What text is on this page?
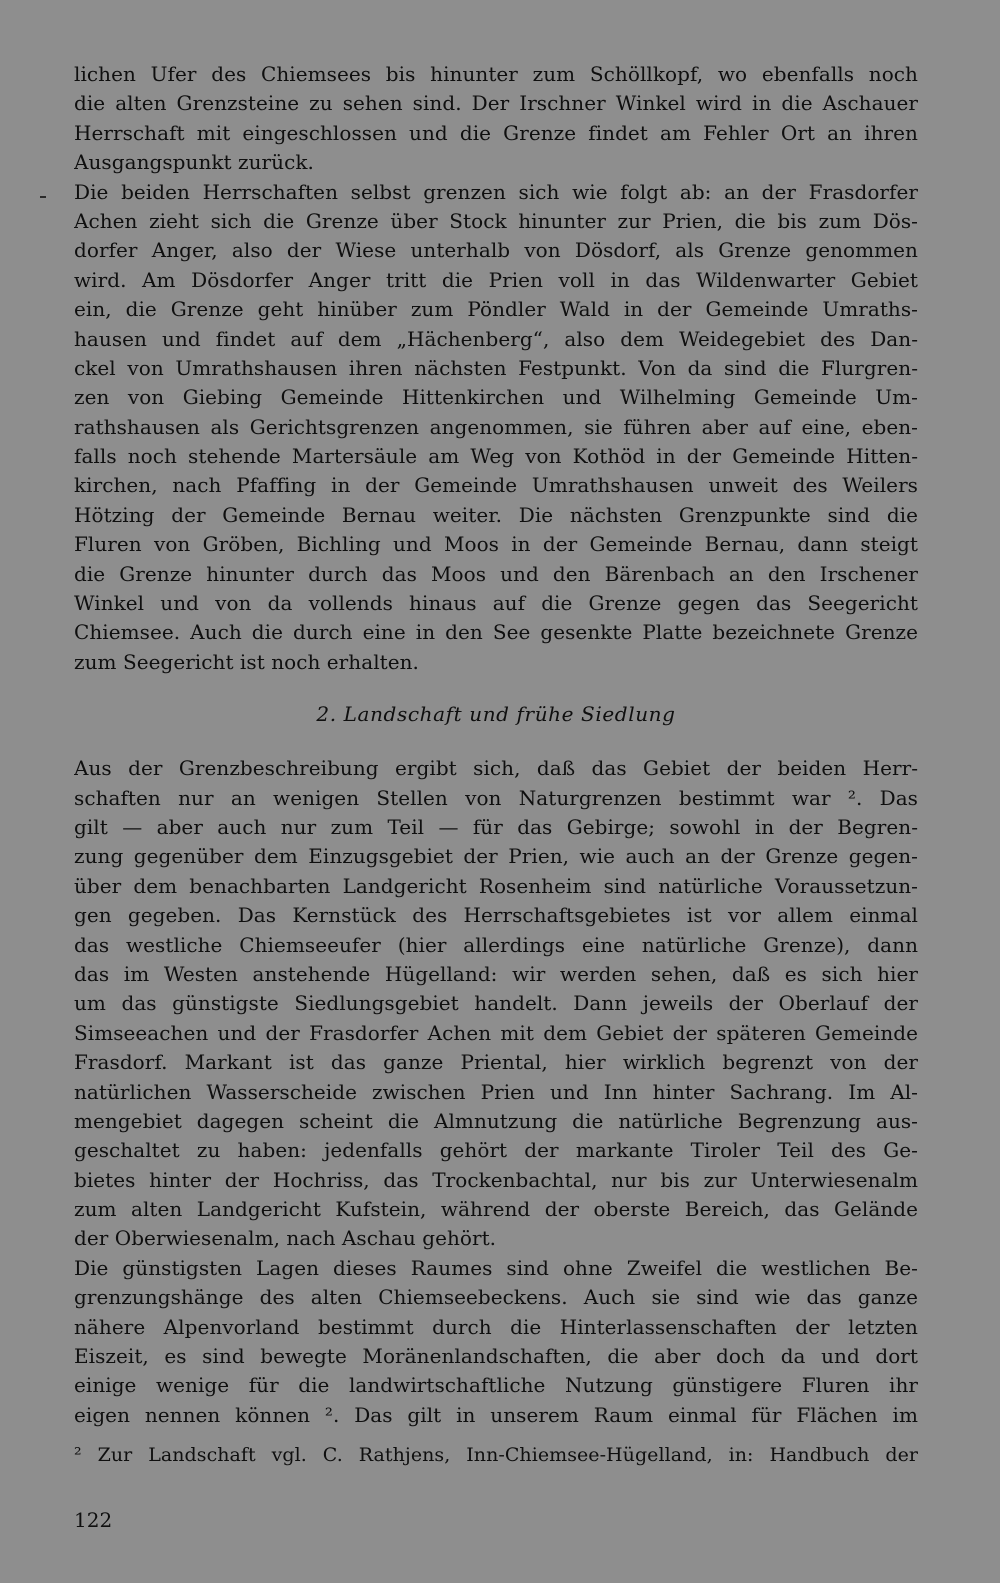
lichen Ufer des Chiemsees bis hinunter zum Schöllkopf, wo ebenfalls noch
die alten Grenzsteine zu sehen sind. Der Irschner Winkel wird in die Aschauer
Herrschaft mit eingeschlossen und die Grenze findet am Fehler Ort an ihren
Ausgangspunkt zurück.
Die beiden Herrschaften selbst grenzen sich wie folgt ab: an der Frasdorfer
Achen zieht sich die Grenze über Stock hinunter zur Prien, die bis zum Dös-
dorfer Anger, also der Wiese unterhalb von Dösdorf, als Grenze genommen
wird. Am Dösdorfer Anger tritt die Prien voll in das Wildenwarter Gebiet
ein, die Grenze geht hinüber zum Pöndler Wald in der Gemeinde Umraths-
hausen und findet auf dem „Hächenberg“, also dem Weidegebiet des Dan-
ckel von Umrathshausen ihren nächsten Festpunkt. Von da sind die Flurgren-
zen von Giebing Gemeinde Hittenkirchen und Wilhelming Gemeinde Um-
rathshausen als Gerichtsgrenzen angenommen, sie führen aber auf eine, eben-
falls noch stehende Martersäule am Weg von Kothöd in der Gemeinde Hitten-
kirchen, nach Pfaffing in der Gemeinde Umrathshausen unweit des Weilers
Hötzing der Gemeinde Bernau weiter. Die nächsten Grenzpunkte sind die
Fluren von Gröben, Bichling und Moos in der Gemeinde Bernau, dann steigt
die Grenze hinunter durch das Moos und den Bärenbach an den Irschener
Winkel und von da vollends hinaus auf die Grenze gegen das Seegericht
Chiemsee. Auch die durch eine in den See gesenkte Platte bezeichnete Grenze
zum Seegericht ist noch erhalten.
2. Landschaft und frühe Siedlung
Aus der Grenzbeschreibung ergibt sich, daß das Gebiet der beiden Herr-
schaften nur an wenigen Stellen von Naturgrenzen bestimmt war ². Das
gilt — aber auch nur zum Teil — für das Gebirge; sowohl in der Begren-
zung gegenüber dem Einzugsgebiet der Prien, wie auch an der Grenze gegen-
über dem benachbarten Landgericht Rosenheim sind natürliche Voraussetzun-
gen gegeben. Das Kernstück des Herrschaftsgebietes ist vor allem einmal
das westliche Chiemseeufer (hier allerdings eine natürliche Grenze), dann
das im Westen anstehende Hügelland: wir werden sehen, daß es sich hier
um das günstigste Siedlungsgebiet handelt. Dann jeweils der Oberlauf der
Simseeachen und der Frasdorfer Achen mit dem Gebiet der späteren Gemeinde
Frasdorf. Markant ist das ganze Priental, hier wirklich begrenzt von der
natürlichen Wasserscheide zwischen Prien und Inn hinter Sachrang. Im Al-
mengebiet dagegen scheint die Almnutzung die natürliche Begrenzung aus-
geschaltet zu haben: jedenfalls gehört der markante Tiroler Teil des Ge-
bietes hinter der Hochriss, das Trockenbachtal, nur bis zur Unterwiesenalm
zum alten Landgericht Kufstein, während der oberste Bereich, das Gelände
der Oberwiesenalm, nach Aschau gehört.
Die günstigsten Lagen dieses Raumes sind ohne Zweifel die westlichen Be-
grenzungshänge des alten Chiemseebeckens. Auch sie sind wie das ganze
nähere Alpenvorland bestimmt durch die Hinterlassenschaften der letzten
Eiszeit, es sind bewegte Moränenlandschaften, die aber doch da und dort
einige wenige für die landwirtschaftliche Nutzung günstigere Fluren ihr
eigen nennen können ². Das gilt in unserem Raum einmal für Flächen im
² Zur Landschaft vgl. C. Rathjens, Inn-Chiemsee-Hügelland, in: Handbuch der
122
